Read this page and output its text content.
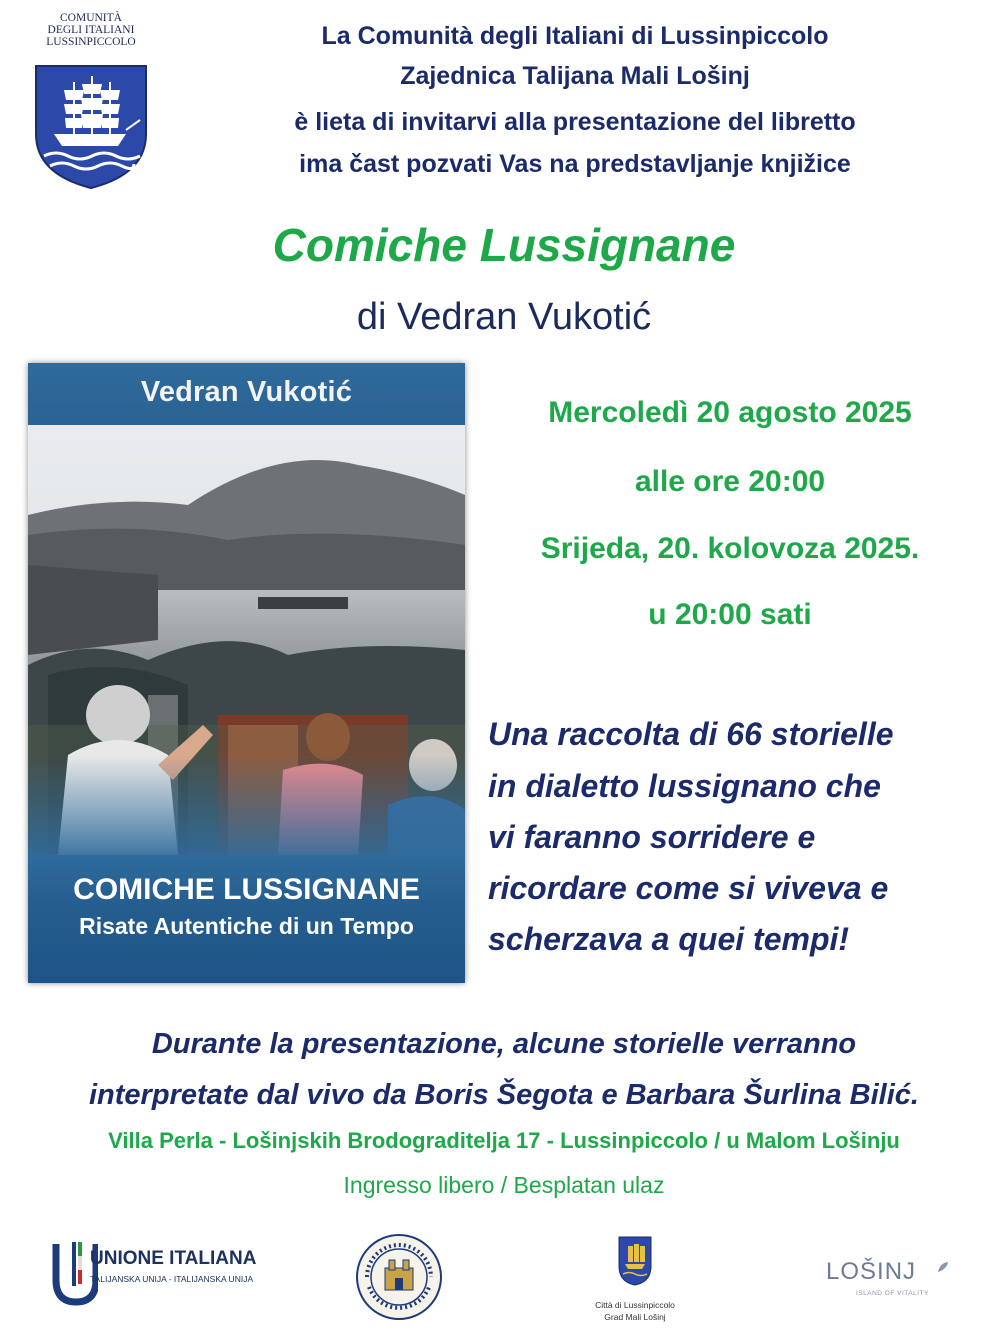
COMUNITÀ
DEGLI ITALIANI
LUSSINPICCOLO	La Comunità degli Italiani di Lussinpiccolo
Zajednica Talijana Mali Lošinj
è lieta di invitarvi alla presentazione del libretto
ima čast pozvati Vas na predstavljanje knjižice
Comiche Lussignane
di Vedran Vukotić
Vedran Vukotić
COMICHE LUSSIGNANE
Risate Autentiche di un Tempo
Mercoledì 20 agosto 2025
alle ore 20:00
Srijeda, 20. kolovoza 2025.
u 20:00 sati
Una raccolta di 66 storielle
in dialetto lussignano che
vi faranno sorridere e
ricordare come si viveva e
scherzava a quei tempi!
Durante la presentazione, alcune storielle verranno
interpretate dal vivo da Boris Šegota e Barbara Šurlina Bilić.
Villa Perla - Lošinjskih Brodograditelja 17 - Lussinpiccolo / u Malom Lošinju
Ingresso libero / Besplatan ulaz
UNIONE ITALIANA
TALIJANSKA UNIJA - ITALIJANSKA UNIJA
Città di Lussinpiccolo
Grad Mali Lošinj
LOŠINJ
ISLAND OF VITALITY
